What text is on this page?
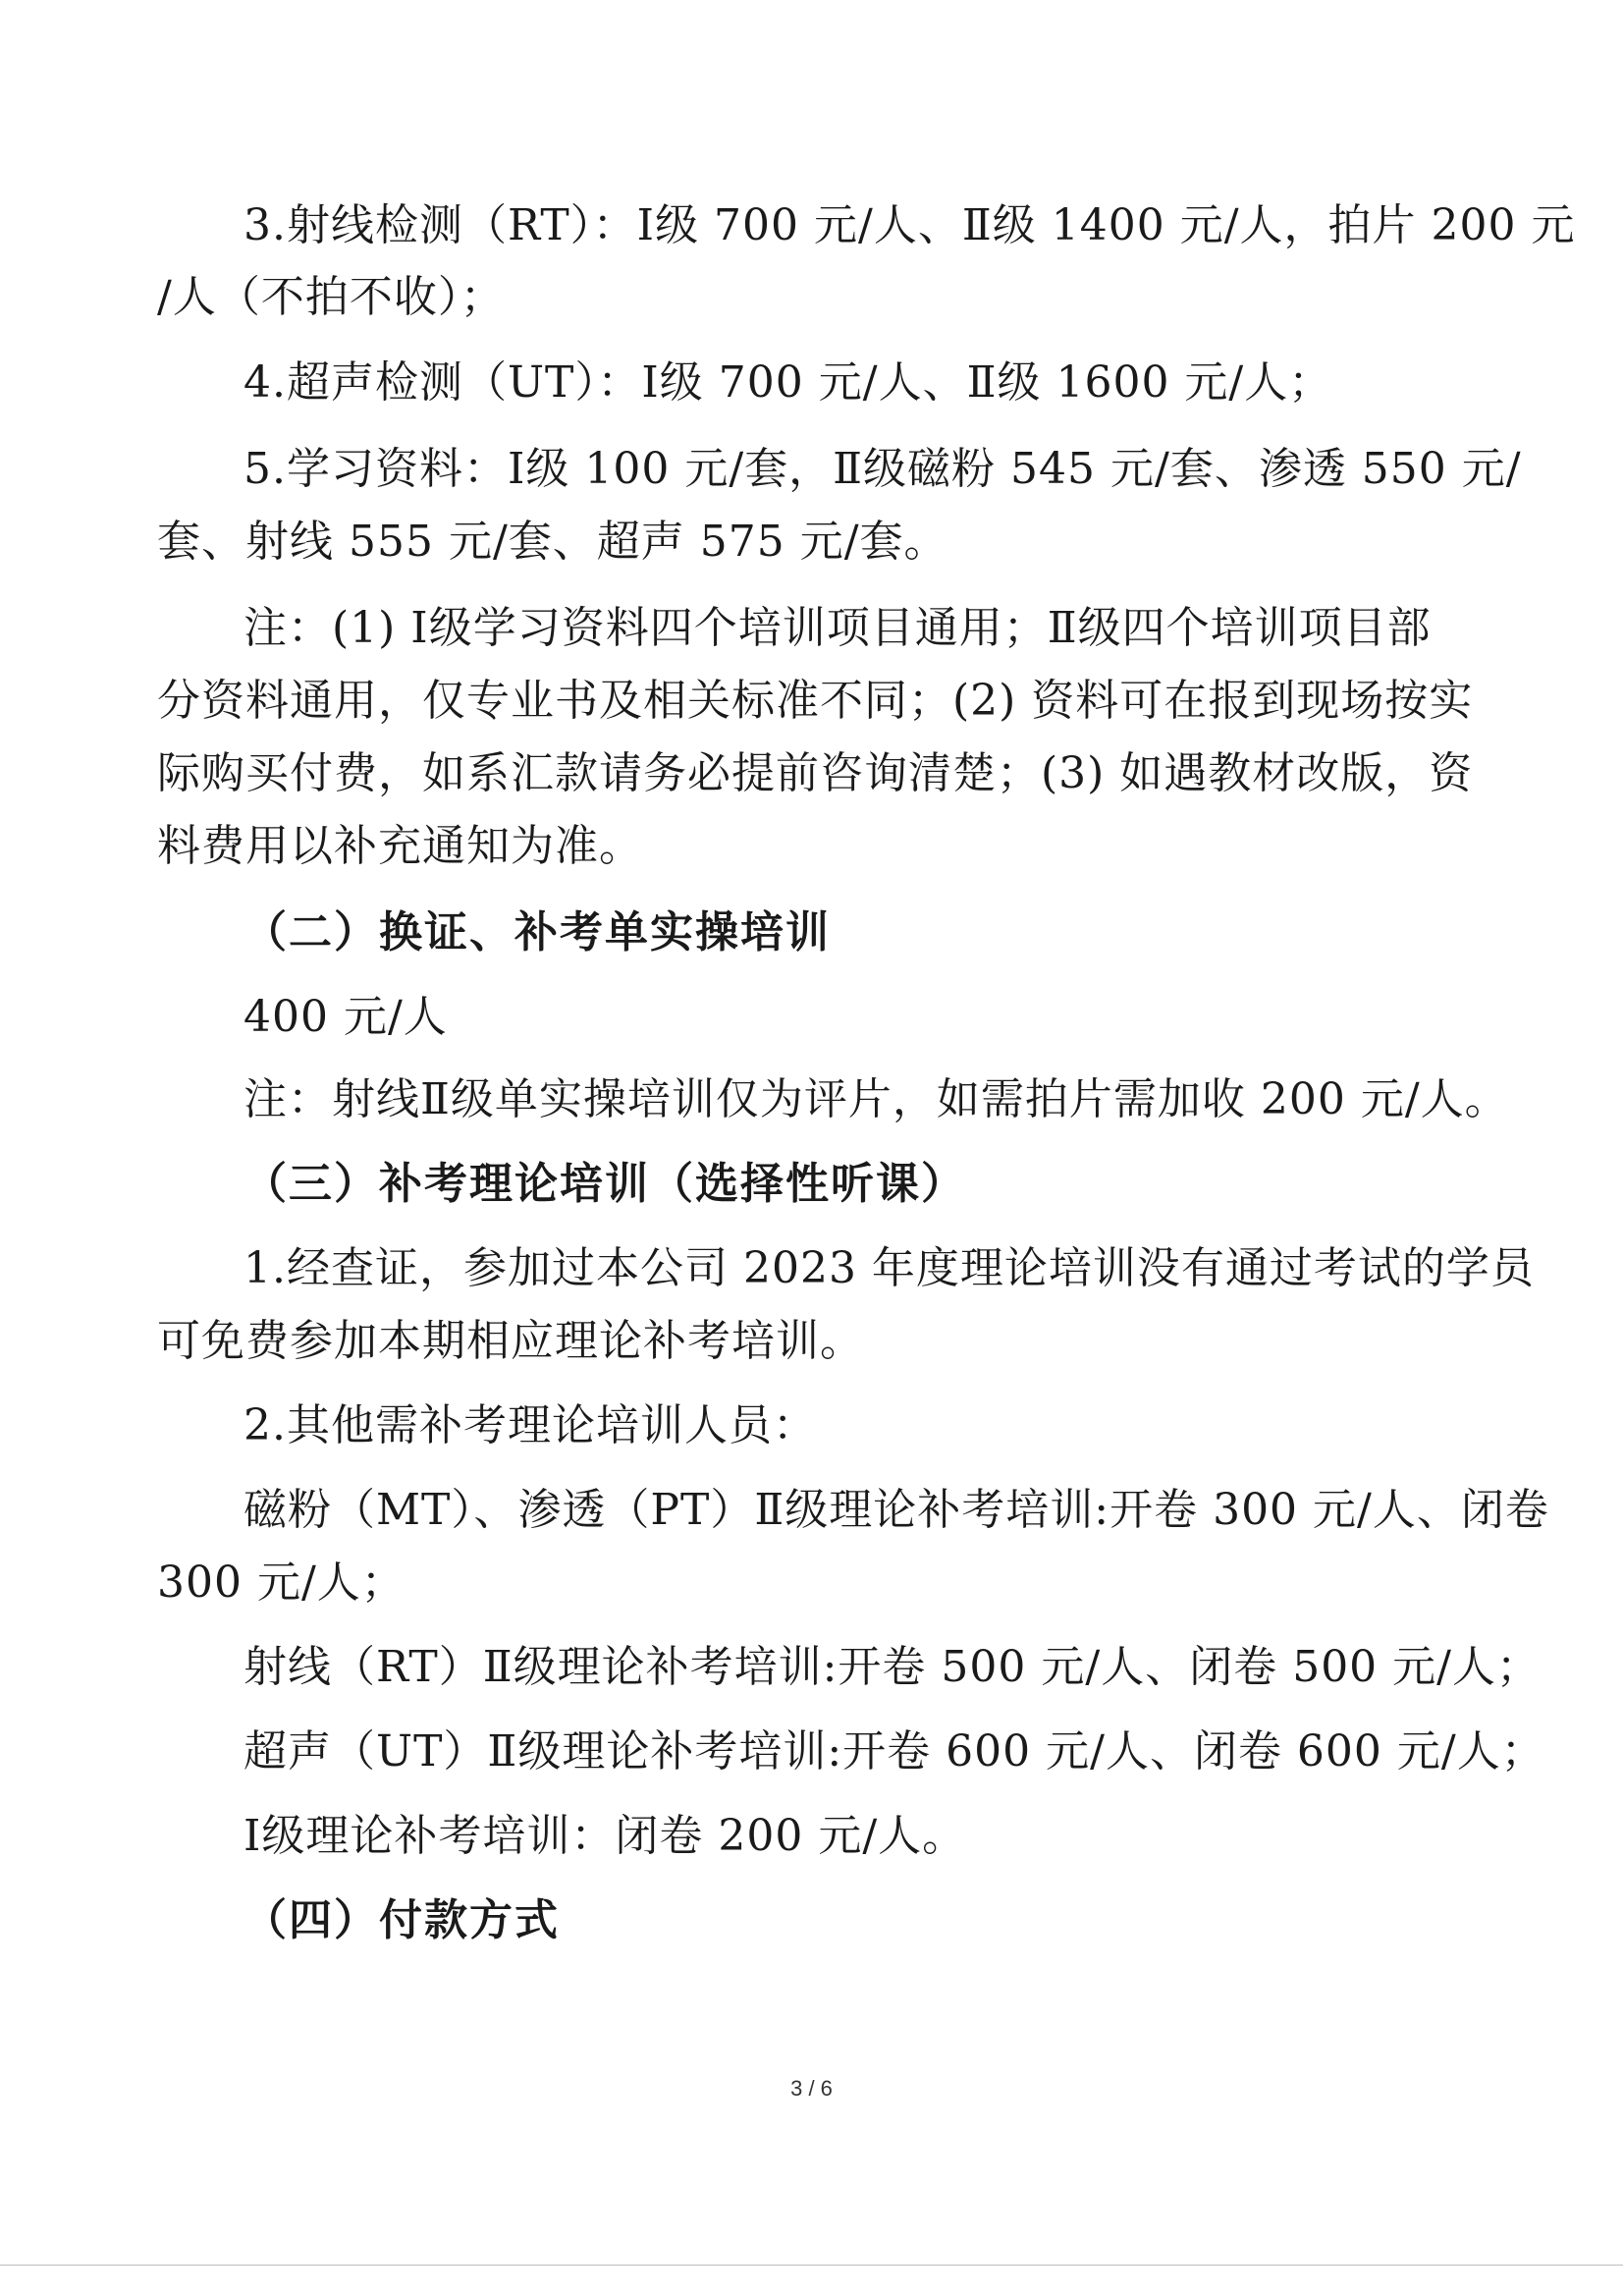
3.射线检测（RT）：Ⅰ级 700 元/人、Ⅱ级 1400 元/人，拍片 200 元
/人（不拍不收）；
4.超声检测（UT）：Ⅰ级 700 元/人、Ⅱ级 1600 元/人；
5.学习资料：Ⅰ级 100 元/套，Ⅱ级磁粉 545 元/套、渗透 550 元/
套、射线 555 元/套、超声 575 元/套。
注：(1) Ⅰ级学习资料四个培训项目通用；Ⅱ级四个培训项目部
分资料通用，仅专业书及相关标准不同；(2) 资料可在报到现场按实
际购买付费，如系汇款请务必提前咨询清楚；(3) 如遇教材改版，资
料费用以补充通知为准。
（二）换证、补考单实操培训
400 元/人
注：射线Ⅱ级单实操培训仅为评片，如需拍片需加收 200 元/人。
（三）补考理论培训（选择性听课）
1.经查证，参加过本公司 2023 年度理论培训没有通过考试的学员
可免费参加本期相应理论补考培训。
2.其他需补考理论培训人员：
磁粉（MT）、渗透（PT）Ⅱ级理论补考培训:开卷 300 元/人、闭卷
300 元/人；
射线（RT）Ⅱ级理论补考培训:开卷 500 元/人、闭卷 500 元/人；
超声（UT）Ⅱ级理论补考培训:开卷 600 元/人、闭卷 600 元/人；
Ⅰ级理论补考培训：闭卷 200 元/人。
（四）付款方式
3 / 6
